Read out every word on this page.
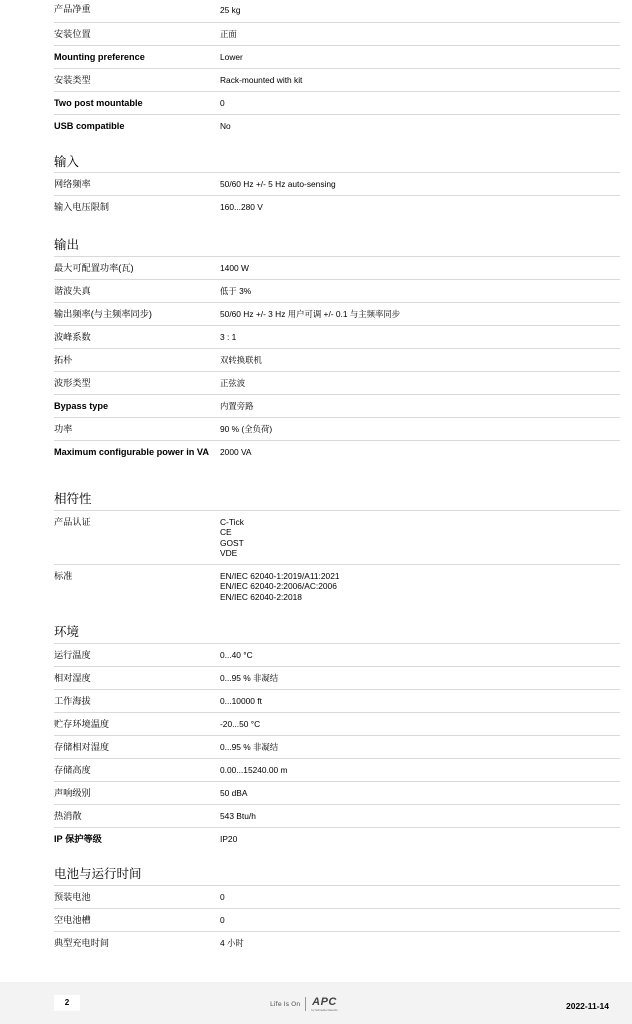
产品净重	25 kg
安装位置	正面
Mounting preference	Lower
安装类型	Rack-mounted with kit
Two post mountable	0
USB compatible	No
输入
网络频率	50/60 Hz +/- 5 Hz auto-sensing
输入电压限制	160...280 V
输出
最大可配置功率(瓦)	1400 W
谐波失真	低于 3%
输出频率(与主频率同步)	50/60 Hz +/- 3 Hz 用户可调 +/- 0.1 与主频率同步
波峰系数	3 : 1
拓朴	双转换联机
波形类型	正弦波
Bypass type	内置旁路
功率	90 % (全负荷)
Maximum configurable power in VA	2000 VA
相符性
产品认证	C-Tick
CE
GOST
VDE
标准	EN/IEC 62040-1:2019/A11:2021
EN/IEC 62040-2:2006/AC:2006
EN/IEC 62040-2:2018
环境
运行温度	0...40 °C
相对湿度	0...95 % 非凝结
工作海拔	0...10000 ft
贮存环境温度	-20...50 °C
存储相对湿度	0...95 % 非凝结
存储高度	0.00...15240.00 m
声响级别	50 dBA
热消散	543 Btu/h
IP 保护等级	IP20
电池与运行时间
预装电池	0
空电池槽	0
典型充电时间	4 小时
2	Life Is On APC
by Schneider Electric	2022-11-14
